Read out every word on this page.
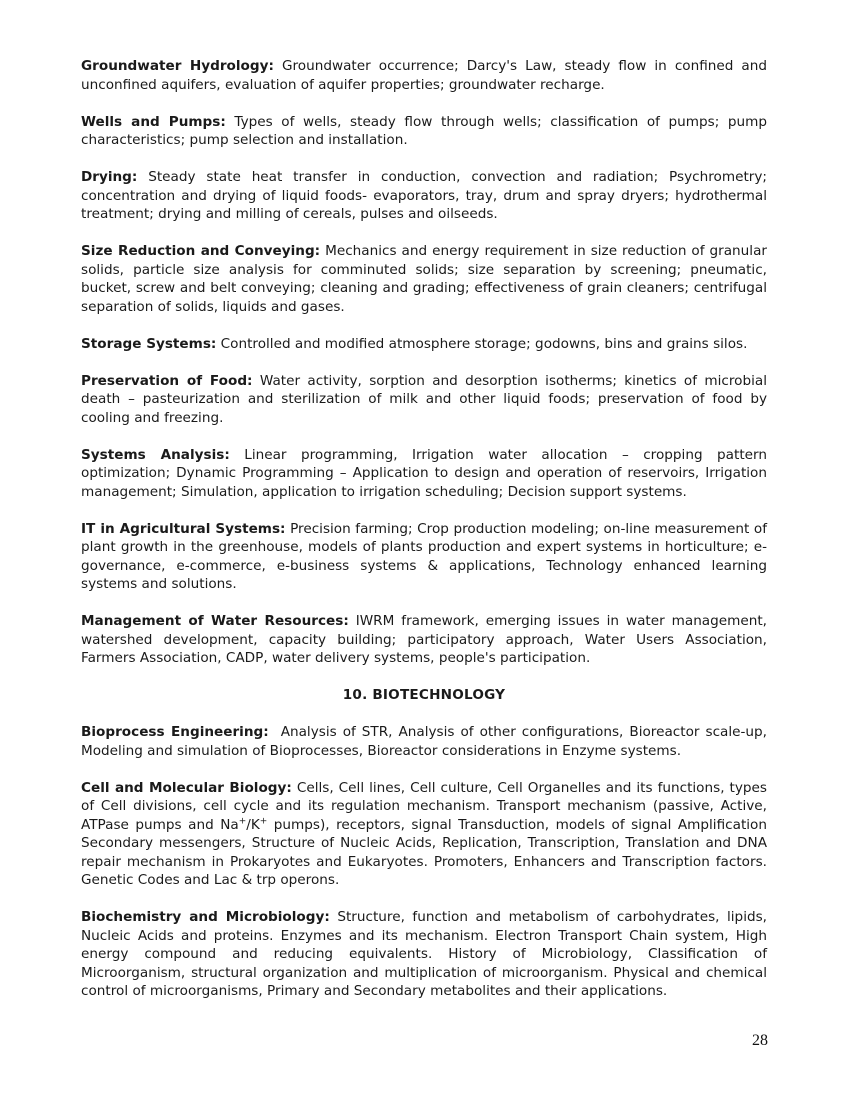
Groundwater Hydrology: Groundwater occurrence; Darcy's Law, steady flow in confined and unconfined aquifers, evaluation of aquifer properties; groundwater recharge.

Wells and Pumps: Types of wells, steady flow through wells; classification of pumps; pump characteristics; pump selection and installation.

Drying: Steady state heat transfer in conduction, convection and radiation; Psychrometry; concentration and drying of liquid foods- evaporators, tray, drum and spray dryers; hydrothermal treatment; drying and milling of cereals, pulses and oilseeds.

Size Reduction and Conveying: Mechanics and energy requirement in size reduction of granular solids, particle size analysis for comminuted solids; size separation by screening; pneumatic, bucket, screw and belt conveying; cleaning and grading; effectiveness of grain cleaners; centrifugal separation of solids, liquids and gases.

Storage Systems: Controlled and modified atmosphere storage; godowns, bins and grains silos.

Preservation of Food: Water activity, sorption and desorption isotherms; kinetics of microbial death – pasteurization and sterilization of milk and other liquid foods; preservation of food by cooling and freezing.

Systems Analysis: Linear programming, Irrigation water allocation – cropping pattern optimization; Dynamic Programming – Application to design and operation of reservoirs, Irrigation management; Simulation, application to irrigation scheduling; Decision support systems.

IT in Agricultural Systems: Precision farming; Crop production modeling; on-line measurement of plant growth in the greenhouse, models of plants production and expert systems in horticulture; e-governance, e-commerce, e-business systems & applications, Technology enhanced learning systems and solutions.

Management of Water Resources: IWRM framework, emerging issues in water management, watershed development, capacity building; participatory approach, Water Users Association, Farmers Association, CADP, water delivery systems, people's participation.

10. BIOTECHNOLOGY

Bioprocess Engineering: Analysis of STR, Analysis of other configurations, Bioreactor scale-up, Modeling and simulation of Bioprocesses, Bioreactor considerations in Enzyme systems.

Cell and Molecular Biology: Cells, Cell lines, Cell culture, Cell Organelles and its functions, types of Cell divisions, cell cycle and its regulation mechanism. Transport mechanism (passive, Active, ATPase pumps and Na+/K+ pumps), receptors, signal Transduction, models of signal Amplification Secondary messengers, Structure of Nucleic Acids, Replication, Transcription, Translation and DNA repair mechanism in Prokaryotes and Eukaryotes. Promoters, Enhancers and Transcription factors. Genetic Codes and Lac & trp operons.

Biochemistry and Microbiology: Structure, function and metabolism of carbohydrates, lipids, Nucleic Acids and proteins. Enzymes and its mechanism. Electron Transport Chain system, High energy compound and reducing equivalents. History of Microbiology, Classification of Microorganism, structural organization and multiplication of microorganism. Physical and chemical control of microorganisms, Primary and Secondary metabolites and their applications.

28
